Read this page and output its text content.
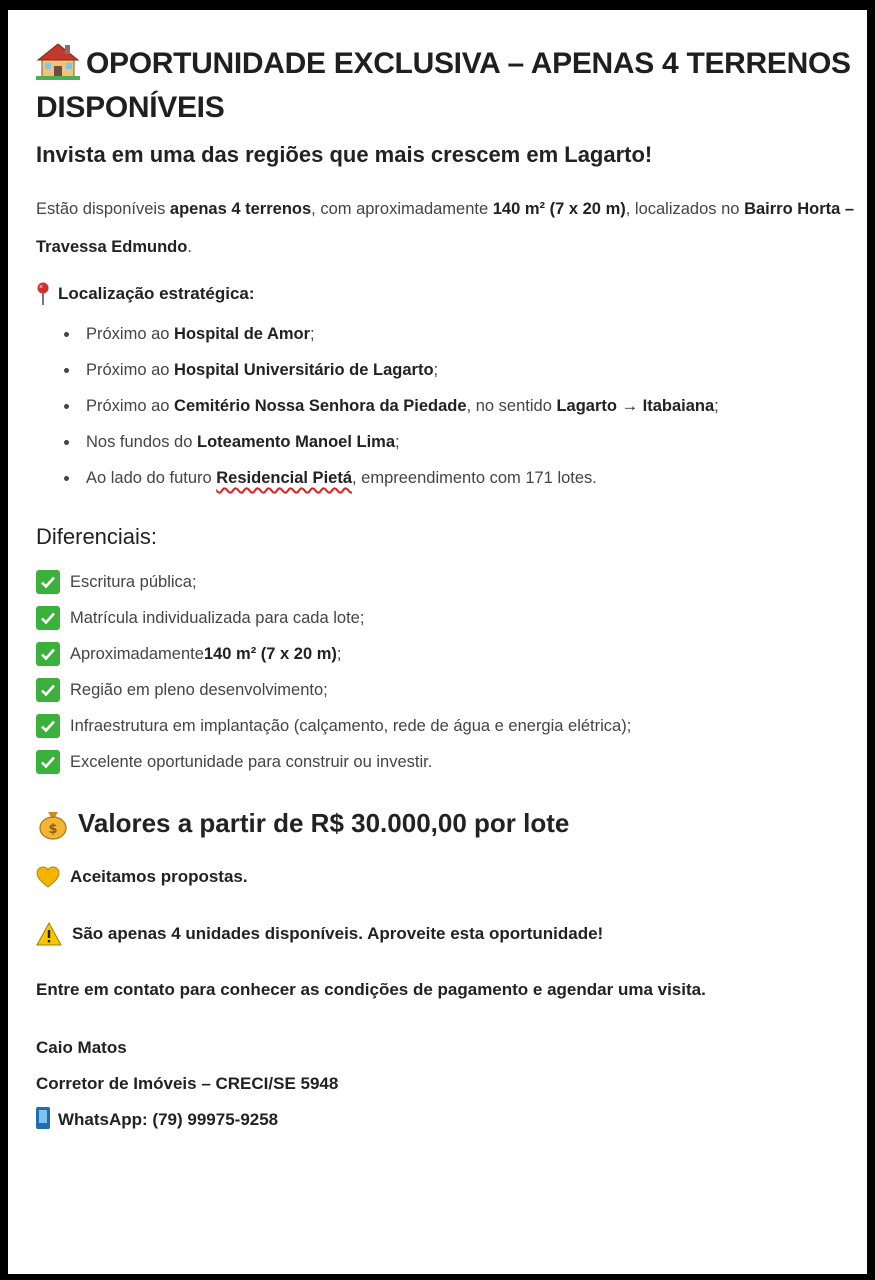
OPORTUNIDADE EXCLUSIVA – APENAS 4 TERRENOS DISPONÍVEIS
Invista em uma das regiões que mais crescem em Lagarto!

Estão disponíveis apenas 4 terrenos, com aproximadamente 140 m² (7 x 20 m), localizados no Bairro Horta – Travessa Edmundo.

Localização estratégica:
• Próximo ao Hospital de Amor;
• Próximo ao Hospital Universitário de Lagarto;
• Próximo ao Cemitério Nossa Senhora da Piedade, no sentido Lagarto → Itabaiana;
• Nos fundos do Loteamento Manoel Lima;
• Ao lado do futuro Residencial Pietá, empreendimento com 171 lotes.
Diferenciais:
Escritura pública;
Matrícula individualizada para cada lote;
Aproximadamente 140 m² (7 x 20 m) ;
Região em pleno desenvolvimento;
Infraestrutura em implantação (calçamento, rede de água e energia elétrica);
Excelente oportunidade para construir ou investir.
$ Valores a partir de R$ 30.000,00 por lote
Aceitamos propostas.
São apenas 4 unidades disponíveis. Aproveite esta oportunidade!
Entre em contato para conhecer as condições de pagamento e agendar uma visita.
Caio Matos
Corretor de Imóveis – CRECI/SE 5948
WhatsApp: (79) 99975-9258
